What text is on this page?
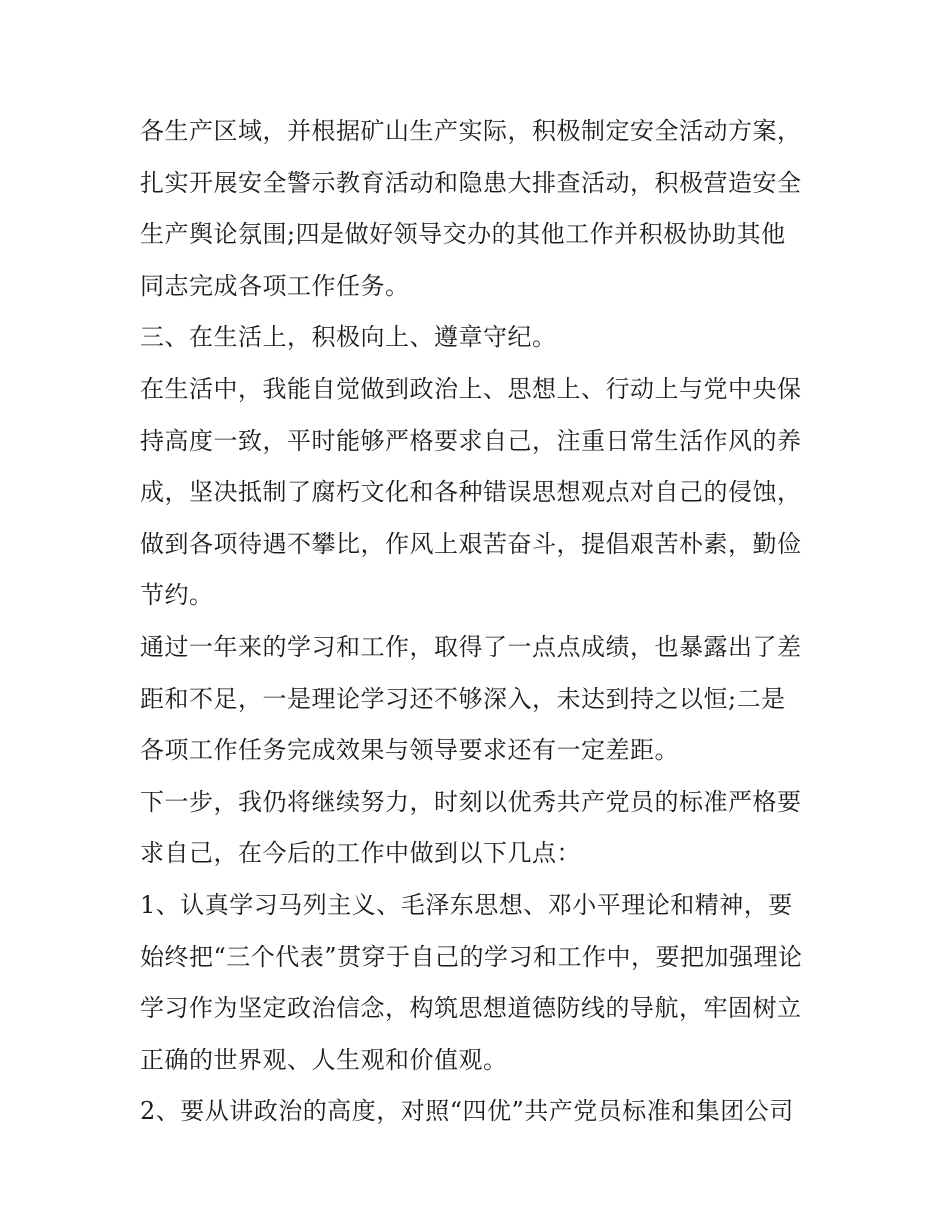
各生产区域，并根据矿山生产实际，积极制定安全活动方案，
扎实开展安全警示教育活动和隐患大排查活动，积极营造安全
生产舆论氛围;四是做好领导交办的其他工作并积极协助其他
同志完成各项工作任务。
三、在生活上，积极向上、遵章守纪。
在生活中，我能自觉做到政治上、思想上、行动上与党中央保
持高度一致，平时能够严格要求自己，注重日常生活作风的养
成，坚决抵制了腐朽文化和各种错误思想观点对自己的侵蚀，
做到各项待遇不攀比，作风上艰苦奋斗，提倡艰苦朴素，勤俭
节约。
通过一年来的学习和工作，取得了一点点成绩，也暴露出了差
距和不足，一是理论学习还不够深入，未达到持之以恒;二是
各项工作任务完成效果与领导要求还有一定差距。
下一步，我仍将继续努力，时刻以优秀共产党员的标准严格要
求自己，在今后的工作中做到以下几点：
1、认真学习马列主义、毛泽东思想、邓小平理论和精神，要
始终把“三个代表”贯穿于自己的学习和工作中，要把加强理论
学习作为坚定政治信念，构筑思想道德防线的导航，牢固树立
正确的世界观、人生观和价值观。
2、要从讲政治的高度，对照“四优”共产党员标准和集团公司
